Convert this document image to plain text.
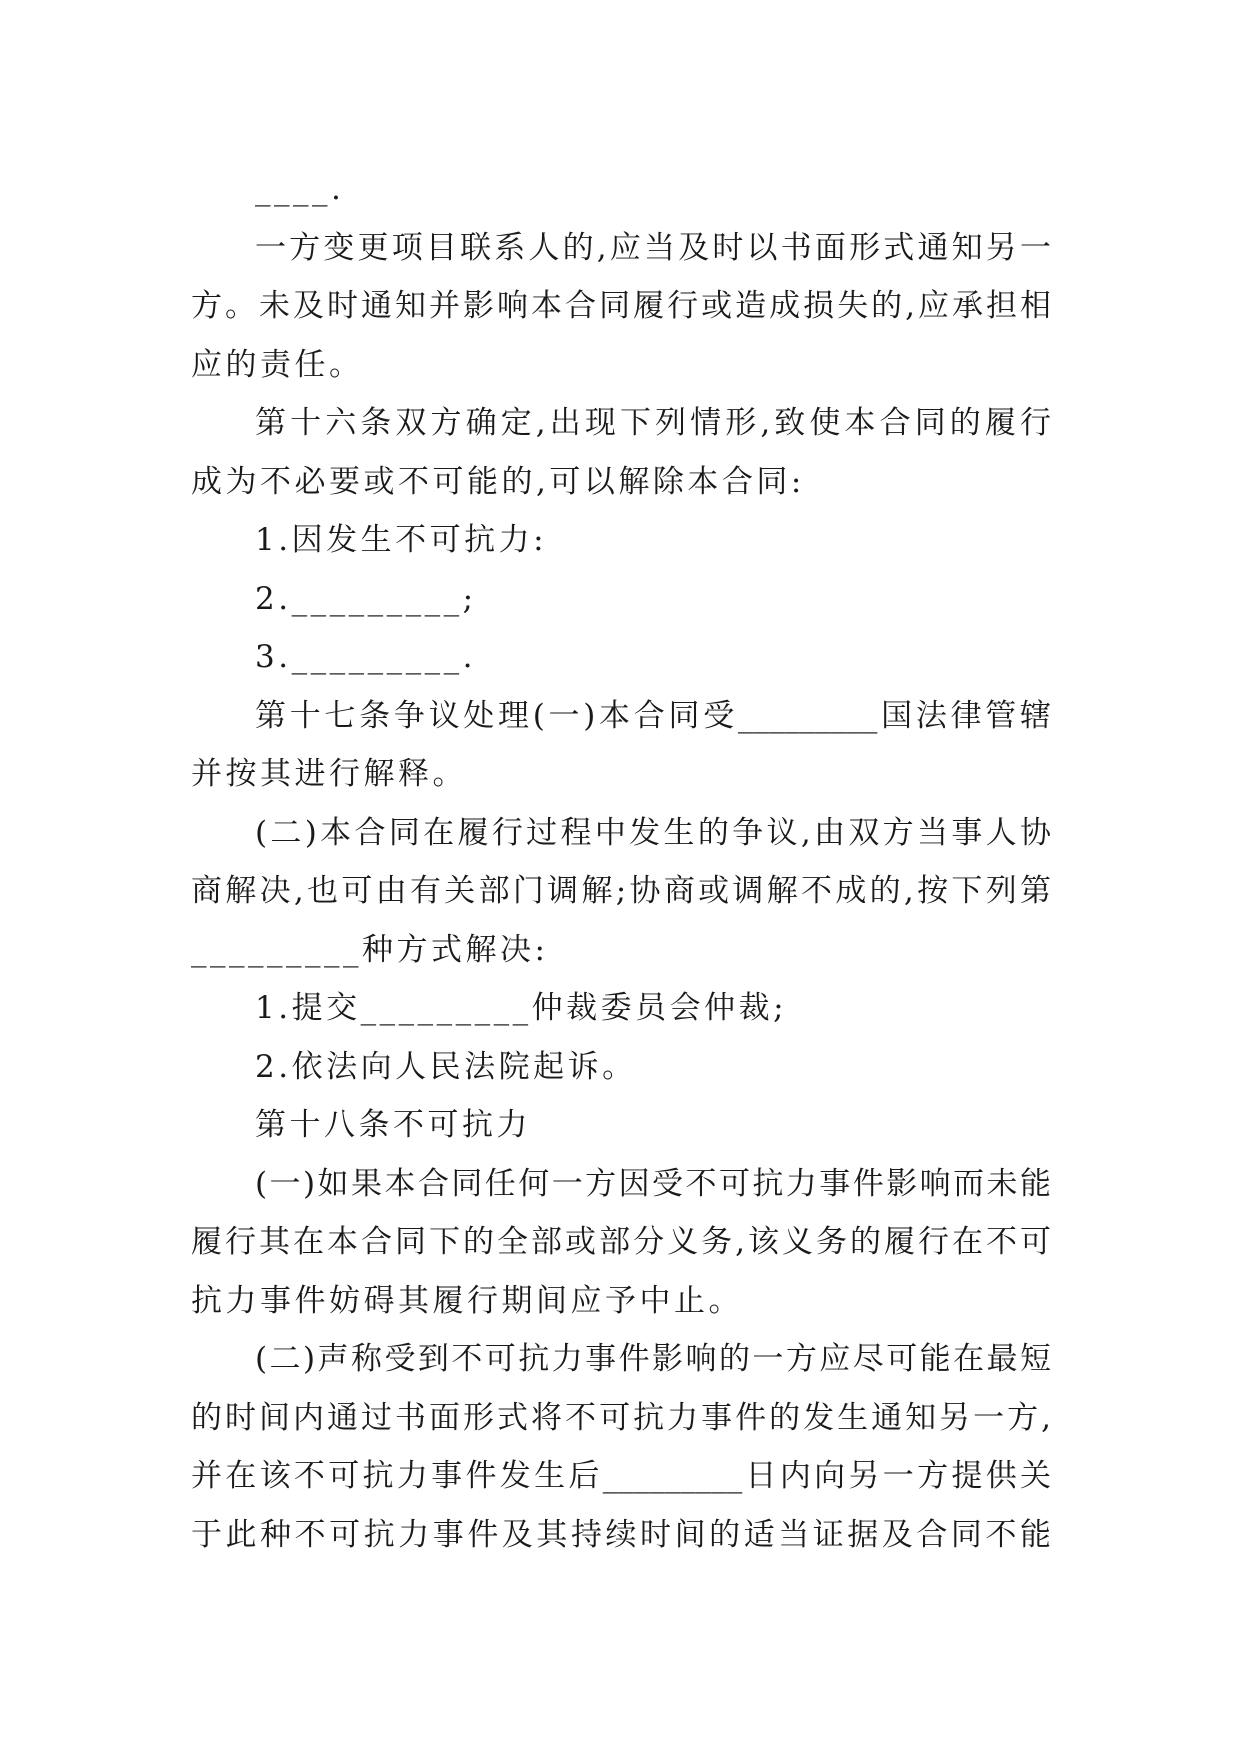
____.
一方变更项目联系人的,应当及时以书面形式通知另一
方。未及时通知并影响本合同履行或造成损失的,应承担相
应的责任。
第十六条双方确定,出现下列情形,致使本合同的履行
成为不必要或不可能的,可以解除本合同:
1.因发生不可抗力:
2._________;
3._________.
第十七条争议处理(一)本合同受_________国法律管辖
并按其进行解释。
(二)本合同在履行过程中发生的争议,由双方当事人协
商解决,也可由有关部门调解;协商或调解不成的,按下列第
_________种方式解决:
1.提交_________仲裁委员会仲裁;
2.依法向人民法院起诉。
第十八条不可抗力
(一)如果本合同任何一方因受不可抗力事件影响而未能
履行其在本合同下的全部或部分义务,该义务的履行在不可
抗力事件妨碍其履行期间应予中止。
(二)声称受到不可抗力事件影响的一方应尽可能在最短
的时间内通过书面形式将不可抗力事件的发生通知另一方,
并在该不可抗力事件发生后_________日内向另一方提供关
于此种不可抗力事件及其持续时间的适当证据及合同不能
